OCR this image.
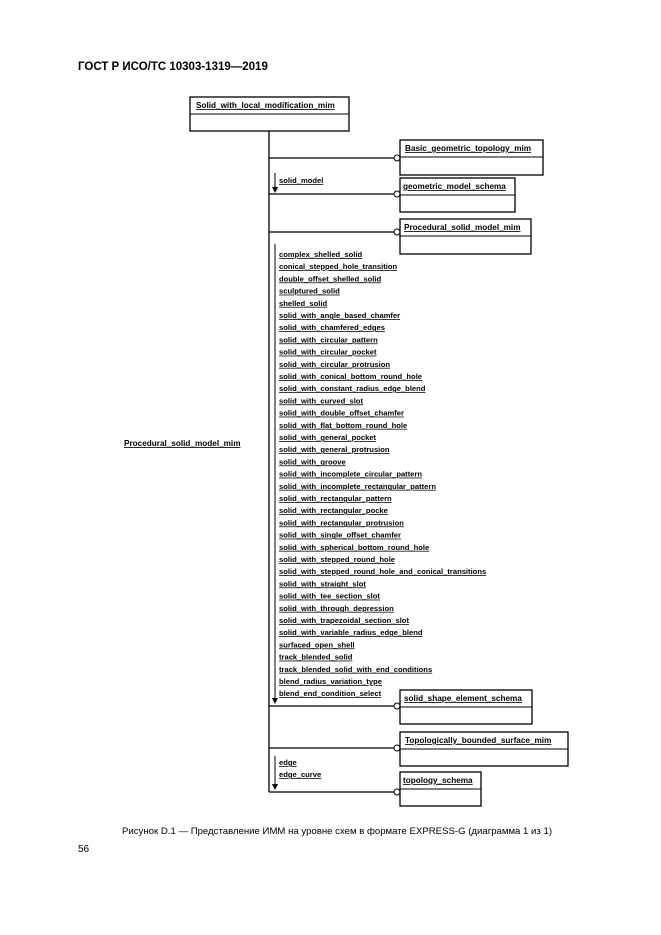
ГОСТ Р ИСО/ТС 10303-1319—2019
Solid_with_local_modification_mim
Basic_geometric_topology_mim
geometric_model_schema
solid_model
Procedural_solid_model_mim
Procedural_solid_model_mim
complex_shelled_solid
conical_stepped_hole_transition
double_offset_shelled_solid
sculptured_solid
shelled_solid
solid_with_angle_based_chamfer
solid_with_chamfered_edges
solid_with_circular_pattern
solid_with_circular_pocket
solid_with_circular_protrusion
solid_with_conical_bottom_round_hole
solid_with_constant_radius_edge_blend
solid_with_curved_slot
solid_with_double_offset_chamfer
solid_with_flat_bottom_round_hole
solid_with_general_pocket
solid_with_general_protrusion
solid_with_groove
solid_with_incomplete_circular_pattern
solid_with_incomplete_rectangular_pattern
solid_with_rectangular_pattern
solid_with_rectangular_pocke
solid_with_rectangular_protrusion
solid_with_single_offset_chamfer
solid_with_spherical_bottom_round_hole
solid_with_stepped_round_hole
solid_with_stepped_round_hole_and_conical_transitions
solid_with_straight_slot
solid_with_tee_section_slot
solid_with_through_depression
solid_with_trapezoidal_section_slot
solid_with_variable_radius_edge_blend
surfaced_open_shell
track_blended_solid
track_blended_solid_with_end_conditions
blend_radius_variation_type
blend_end_condition_select
solid_shape_element_schema
Topologically_bounded_surface_mim
topology_schema
edge
edge_curve
Рисунок D.1 — Представление ИММ на уровне схем в формате EXPRESS-G (диаграмма 1 из 1)
56
